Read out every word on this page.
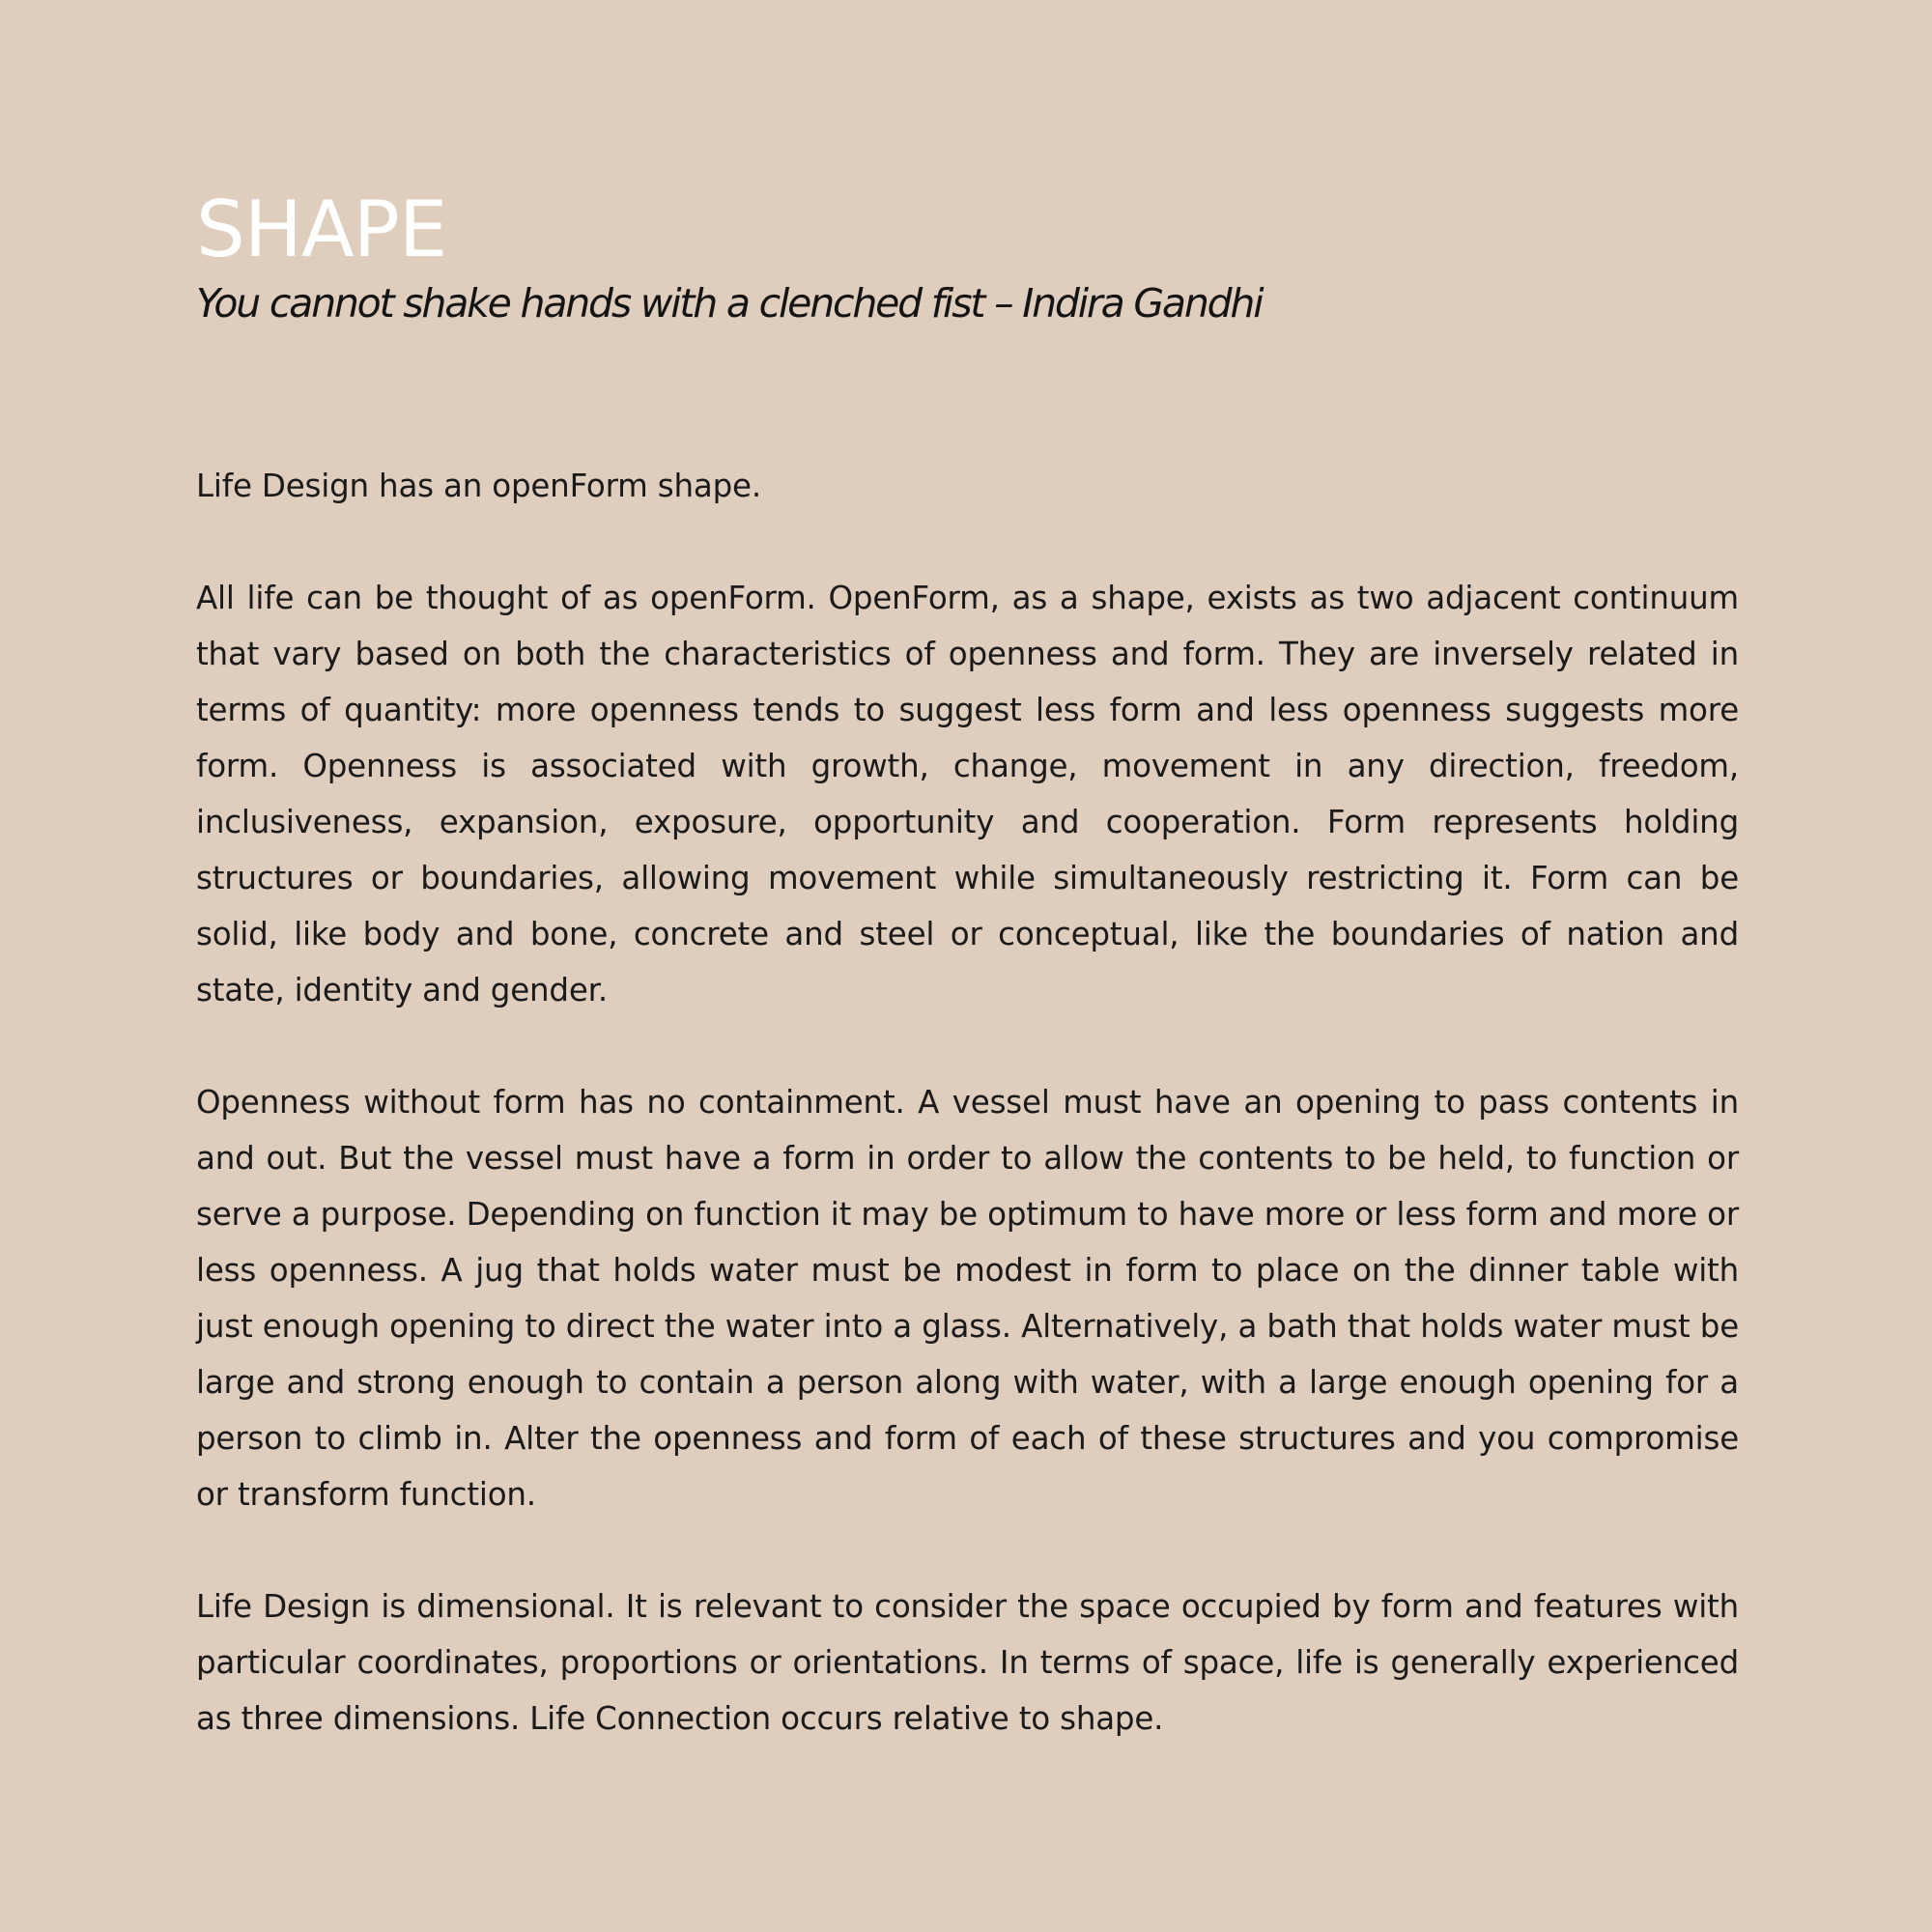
SHAPE

You cannot shake hands with a clenched fist – Indira Gandhi

Life Design has an openForm shape.

All life can be thought of as openForm. OpenForm, as a shape, exists as two adjacent continuum that vary based on both the characteristics of openness and form. They are inversely related in terms of quantity: more openness tends to suggest less form and less openness suggests more form. Openness is associated with growth, change, movement in any direction, freedom, inclusiveness, expansion, exposure, opportunity and cooperation. Form represents holding structures or boundaries, allowing movement while simultaneously restricting it. Form can be solid, like body and bone, concrete and steel or conceptual, like the boundaries of nation and state, identity and gender.

Openness without form has no containment. A vessel must have an opening to pass contents in and out. But the vessel must have a form in order to allow the contents to be held, to function or serve a purpose. Depending on function it may be optimum to have more or less form and more or less openness. A jug that holds water must be modest in form to place on the dinner table with just enough opening to direct the water into a glass. Alternatively, a bath that holds water must be large and strong enough to contain a person along with water, with a large enough opening for a person to climb in. Alter the openness and form of each of these structures and you compromise or transform function.

Life Design is dimensional. It is relevant to consider the space occupied by form and features with particular coordinates, proportions or orientations. In terms of space, life is generally experienced as three dimensions. Life Connection occurs relative to shape.
